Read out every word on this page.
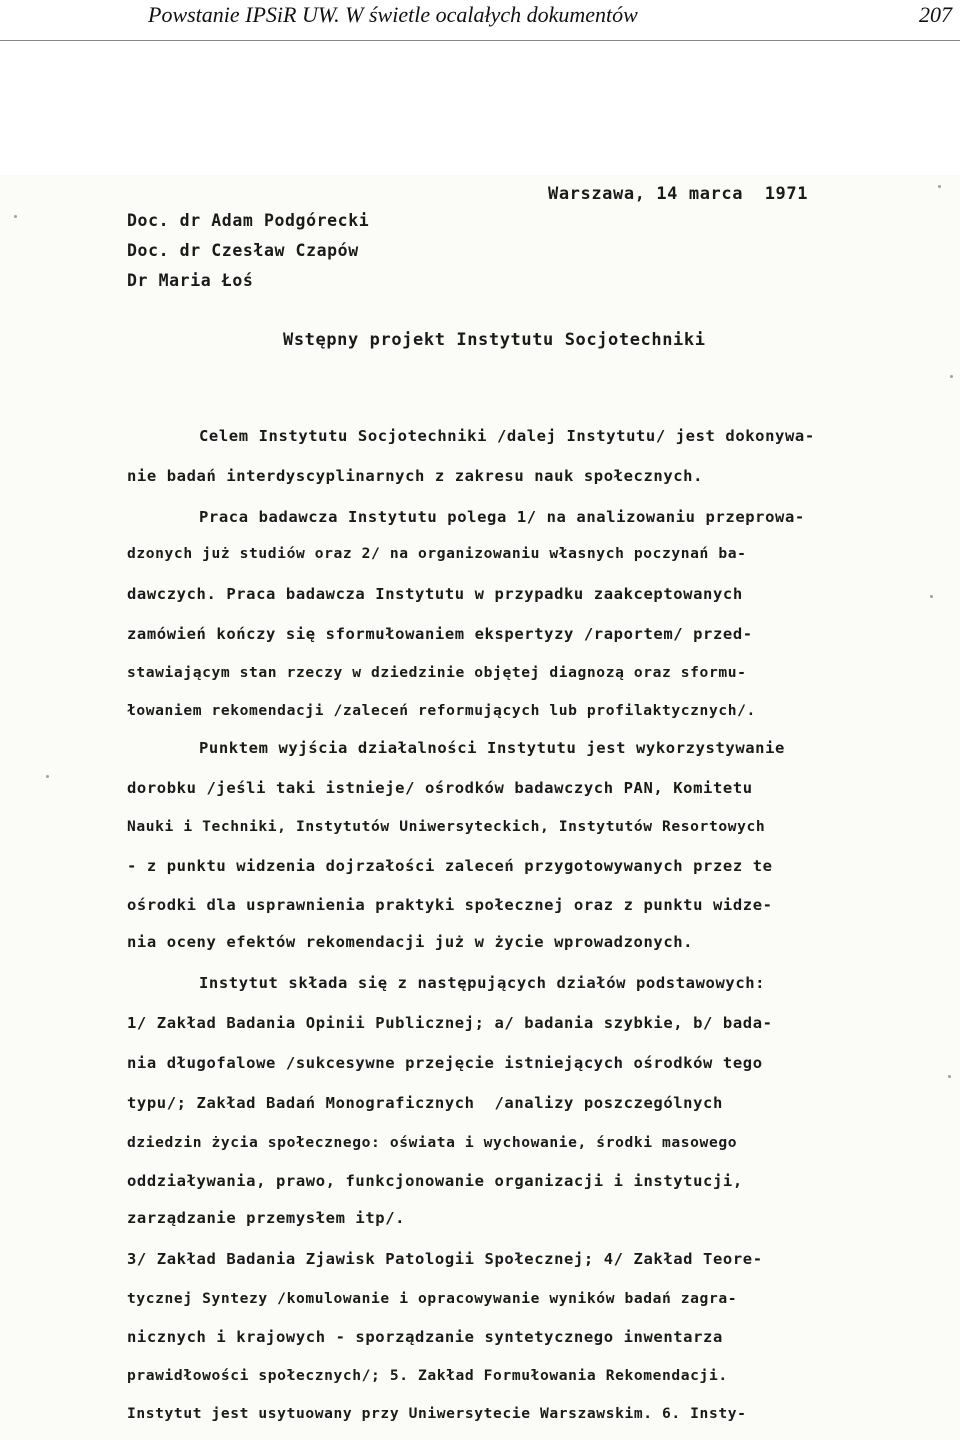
Powstanie IPSiR UW. W świetle ocalałych dokumentów	207
Warszawa, 14 marca  1971
Doc. dr Adam Podgórecki
Doc. dr Czesław Czapów
Dr Maria Łoś
Wstępny projekt Instytutu Socjotechniki
Celem Instytutu Socjotechniki /dalej Instytutu/ jest dokonywa-
nie badań interdyscyplinarnych z zakresu nauk społecznych.
Praca badawcza Instytutu polega 1/ na analizowaniu przeprowa-
dzonych już studiów oraz 2/ na organizowaniu własnych poczynań ba-
dawczych. Praca badawcza Instytutu w przypadku zaakceptowanych
zamówień kończy się sformułowaniem ekspertyzy /raportem/ przed-
stawiającym stan rzeczy w dziedzinie objętej diagnozą oraz sformu-
łowaniem rekomendacji /zaleceń reformujących lub profilaktycznych/.
Punktem wyjścia działalności Instytutu jest wykorzystywanie
dorobku /jeśli taki istnieje/ ośrodków badawczych PAN, Komitetu
Nauki i Techniki, Instytutów Uniwersyteckich, Instytutów Resortowych
- z punktu widzenia dojrzałości zaleceń przygotowywanych przez te
ośrodki dla usprawnienia praktyki społecznej oraz z punktu widze-
nia oceny efektów rekomendacji już w życie wprowadzonych.
Instytut składa się z następujących działów podstawowych:
1/ Zakład Badania Opinii Publicznej; a/ badania szybkie, b/ bada-
nia długofalowe /sukcesywne przejęcie istniejących ośrodków tego
typu/; Zakład Badań Monograficznych  /analizy poszczególnych
dziedzin życia społecznego: oświata i wychowanie, środki masowego
oddziaływania, prawo, funkcjonowanie organizacji i instytucji,
zarządzanie przemysłem itp/.
3/ Zakład Badania Zjawisk Patologii Społecznej; 4/ Zakład Teore-
tycznej Syntezy /komulowanie i opracowywanie wyników badań zagra-
nicznych i krajowych - sporządzanie syntetycznego inwentarza
prawidłowości społecznych/; 5. Zakład Formułowania Rekomendacji.
Instytut jest usytuowany przy Uniwersytecie Warszawskim. 6. Insty-
